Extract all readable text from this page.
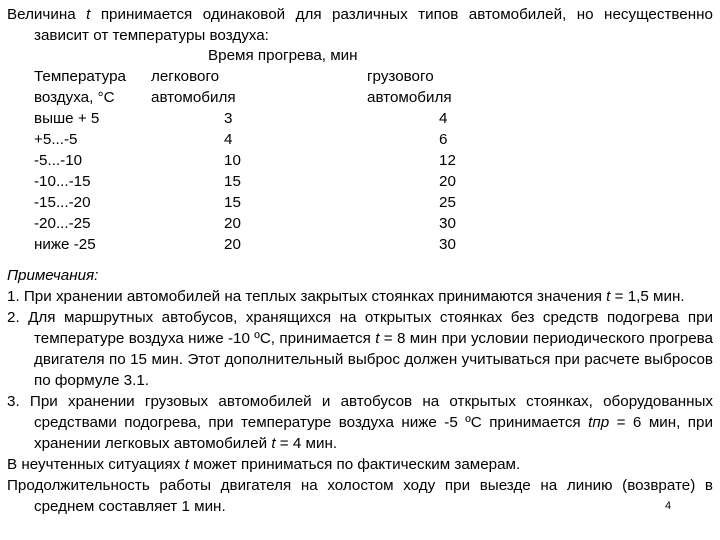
Величина t принимается одинаковой для различных типов автомобилей, но несущественно зависит от температуры воздуха:

	Время прогрева, мин	
Температура	легкового	грузового
воздуха, °С	автомобиля	автомобиля
выше + 5	3	4
+5...-5	4	6
-5...-10	10	12
-10...-15	15	20
-15...-20	15	25
-20...-25	20	30
ниже -25	20	30

Примечания:

1. При хранении автомобилей на теплых закрытых стоянках принимаются значения t = 1,5 мин.

2. Для маршрутных автобусов, хранящихся на открытых стоянках без средств подогрева при температуре воздуха ниже -10 ºС, принимается t = 8 мин при условии периодического прогрева двигателя по 15 мин. Этот дополнительный выброс должен учитываться при расчете выбросов по формуле 3.1.

3. При хранении грузовых автомобилей и автобусов на открытых стоянках, оборудованных средствами подогрева, при температуре воздуха ниже -5 ºС принимается tпр = 6 мин, при хранении легковых автомобилей t = 4 мин.

В неучтенных ситуациях t может приниматься по фактическим замерам.

Продолжительность работы двигателя на холостом ходу при выезде на линию (возврате) в среднем составляет 1 мин.	4
